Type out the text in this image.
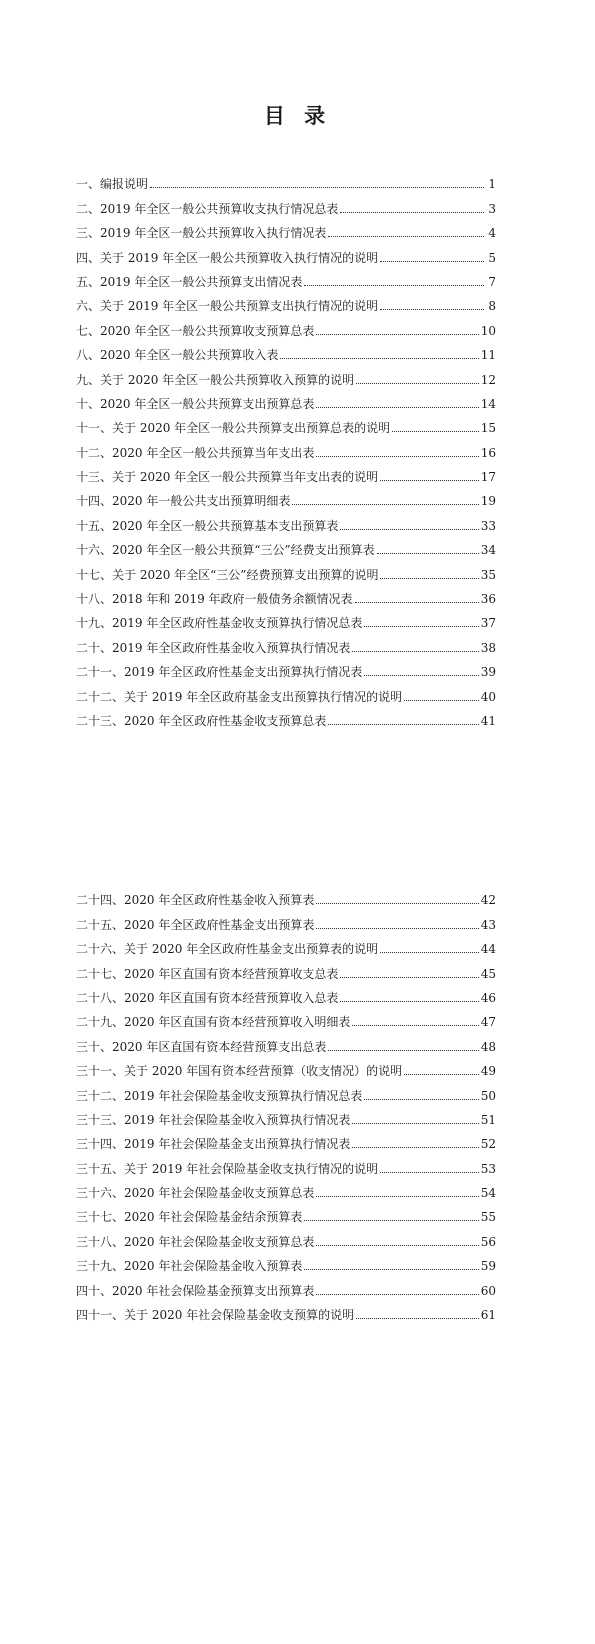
目 录
一、编报说明	1
二、2019 年全区一般公共预算收支执行情况总表	3
三、2019 年全区一般公共预算收入执行情况表	4
四、关于 2019 年全区一般公共预算收入执行情况的说明	5
五、2019 年全区一般公共预算支出情况表	7
六、关于 2019 年全区一般公共预算支出执行情况的说明	8
七、2020 年全区一般公共预算收支预算总表	10
八、2020 年全区一般公共预算收入表	11
九、关于 2020 年全区一般公共预算收入预算的说明	12
十、2020 年全区一般公共预算支出预算总表	14
十一、关于 2020 年全区一般公共预算支出预算总表的说明	15
十二、2020 年全区一般公共预算当年支出表	16
十三、关于 2020 年全区一般公共预算当年支出表的说明	17
十四、2020 年一般公共支出预算明细表	19
十五、2020 年全区一般公共预算基本支出预算表	33
十六、2020 年全区一般公共预算“三公”经费支出预算表	34
十七、关于 2020 年全区“三公”经费预算支出预算的说明	35
十八、2018 年和 2019 年政府一般债务余额情况表	36
十九、2019 年全区政府性基金收支预算执行情况总表	37
二十、2019 年全区政府性基金收入预算执行情况表	38
二十一、2019 年全区政府性基金支出预算执行情况表	39
二十二、关于 2019 年全区政府基金支出预算执行情况的说明	40
二十三、2020 年全区政府性基金收支预算总表	41
二十四、2020 年全区政府性基金收入预算表	42
二十五、2020 年全区政府性基金支出预算表	43
二十六、关于 2020 年全区政府性基金支出预算表的说明	44
二十七、2020 年区直国有资本经营预算收支总表	45
二十八、2020 年区直国有资本经营预算收入总表	46
二十九、2020 年区直国有资本经营预算收入明细表	47
三十、2020 年区直国有资本经营预算支出总表	48
三十一、关于 2020 年国有资本经营预算（收支情况）的说明	49
三十二、2019 年社会保险基金收支预算执行情况总表	50
三十三、2019 年社会保险基金收入预算执行情况表	51
三十四、2019 年社会保险基金支出预算执行情况表	52
三十五、关于 2019 年社会保险基金收支执行情况的说明	53
三十六、2020 年社会保险基金收支预算总表	54
三十七、2020 年社会保险基金结余预算表	55
三十八、2020 年社会保险基金收支预算总表	56
三十九、2020 年社会保险基金收入预算表	59
四十、2020 年社会保险基金预算支出预算表	60
四十一、关于 2020 年社会保险基金收支预算的说明	61
